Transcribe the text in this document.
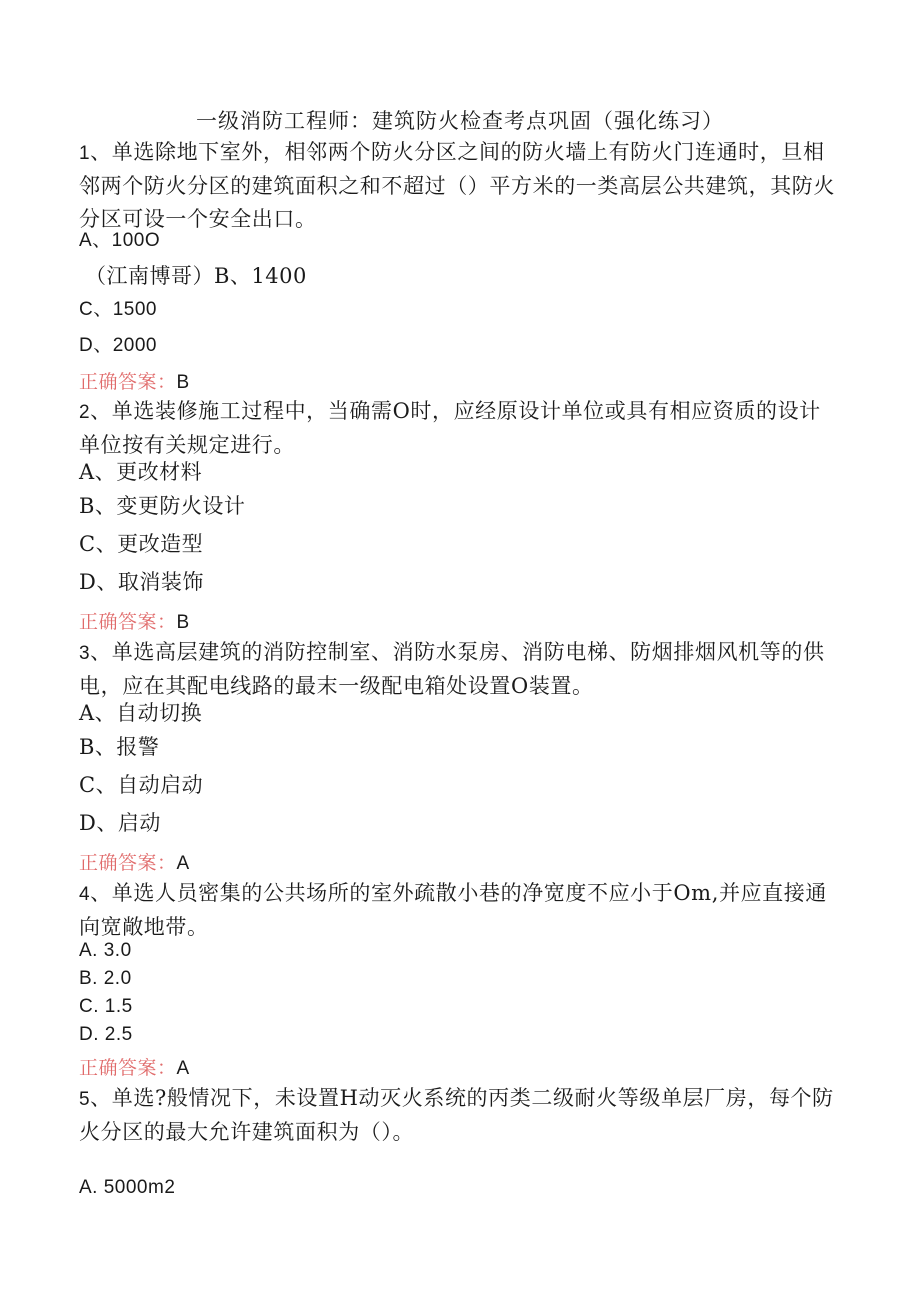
一级消防工程师：建筑防火检查考点巩固（强化练习）
1、单选除地下室外，相邻两个防火分区之间的防火墙上有防火门连通时，旦相邻两个防火分区的建筑面积之和不超过（）平方米的一类高层公共建筑，其防火分区可设一个安全出口。
A、100O
（江南博哥）B、1400
C、1500
D、2000
正确答案：B
2、单选装修施工过程中，当确需O时，应经原设计单位或具有相应资质的设计单位按有关规定进行。
A、更改材料
B、变更防火设计
C、更改造型
D、取消装饰
正确答案：B
3、单选高层建筑的消防控制室、消防水泵房、消防电梯、防烟排烟风机等的供电，应在其配电线路的最末一级配电箱处设置O装置。
A、自动切换
B、报警
C、自动启动
D、启动
正确答案：A
4、单选人员密集的公共场所的室外疏散小巷的净宽度不应小于Om,并应直接通向宽敞地带。
A. 3.0
B. 2.0
C. 1.5
D. 2.5
正确答案：A
5、单选?般情况下，未设置H动灭火系统的丙类二级耐火等级单层厂房，每个防火分区的最大允许建筑面积为（）。
A. 5000m2
